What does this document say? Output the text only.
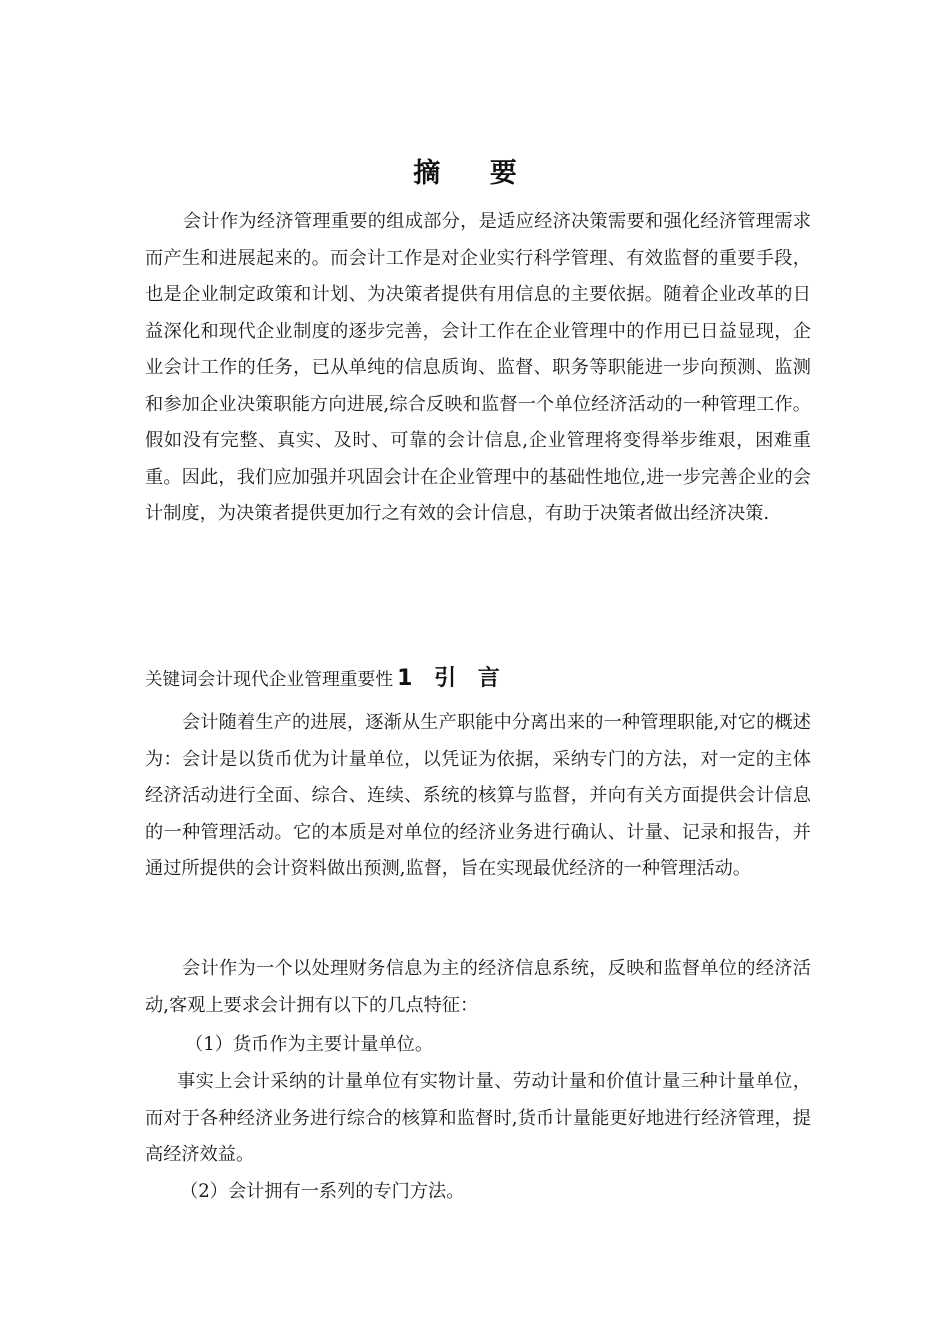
摘 要

会计作为经济管理重要的组成部分，是适应经济决策需要和强化经济管理需求而产生和进展起来的。而会计工作是对企业实行科学管理、有效监督的重要手段，也是企业制定政策和计划、为决策者提供有用信息的主要依据。随着企业改革的日益深化和现代企业制度的逐步完善，会计工作在企业管理中的作用已日益显现，企业会计工作的任务，已从单纯的信息质询、监督、职务等职能进一步向预测、监测和参加企业决策职能方向进展,综合反映和监督一个单位经济活动的一种管理工作。假如没有完整、真实、及时、可靠的会计信息,企业管理将变得举步维艰，困难重重。因此，我们应加强并巩固会计在企业管理中的基础性地位,进一步完善企业的会计制度，为决策者提供更加行之有效的会计信息，有助于决策者做出经济决策.

关键词会计现代企业管理重要性 1 引 言

会计随着生产的进展，逐渐从生产职能中分离出来的一种管理职能,对它的概述为：会计是以货币优为计量单位，以凭证为依据，采纳专门的方法，对一定的主体经济活动进行全面、综合、连续、系统的核算与监督，并向有关方面提供会计信息的一种管理活动。它的本质是对单位的经济业务进行确认、计量、记录和报告，并通过所提供的会计资料做出预测,监督，旨在实现最优经济的一种管理活动。

会计作为一个以处理财务信息为主的经济信息系统，反映和监督单位的经济活动,客观上要求会计拥有以下的几点特征：

（1）货币作为主要计量单位。

事实上会计采纳的计量单位有实物计量、劳动计量和价值计量三种计量单位，而对于各种经济业务进行综合的核算和监督时,货币计量能更好地进行经济管理，提高经济效益。

（2）会计拥有一系列的专门方法。
